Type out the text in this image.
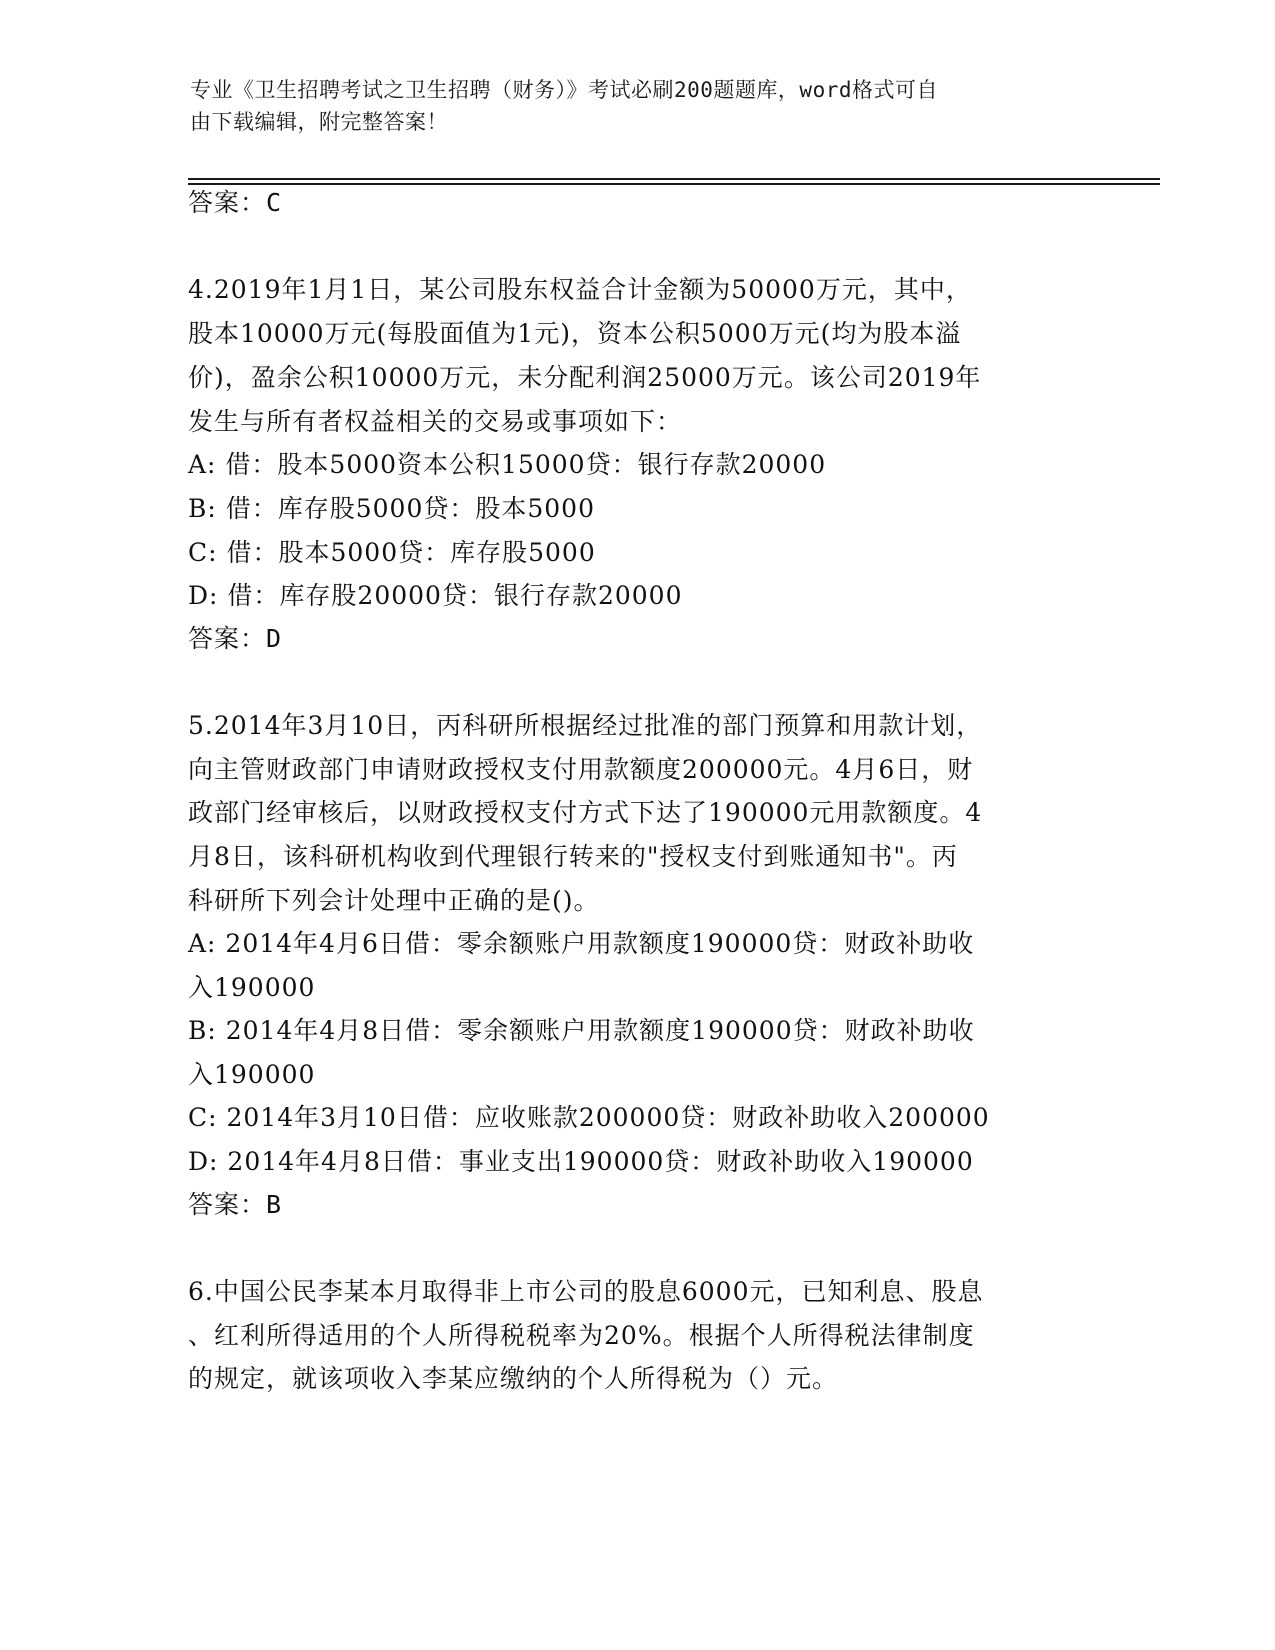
专业《卫生招聘考试之卫生招聘（财务）》考试必刷200题题库，word格式可自
由下载编辑，附完整答案！
答案：C
4.2019年1月1日，某公司股东权益合计金额为50000万元，其中，
股本10000万元(每股面值为1元)，资本公积5000万元(均为股本溢
价)，盈余公积10000万元，未分配利润25000万元。该公司2019年
发生与所有者权益相关的交易或事项如下：
A: 借：股本5000资本公积15000贷：银行存款20000
B: 借：库存股5000贷：股本5000
C: 借：股本5000贷：库存股5000
D: 借：库存股20000贷：银行存款20000
答案：D
5.2014年3月10日，丙科研所根据经过批准的部门预算和用款计划，
向主管财政部门申请财政授权支付用款额度200000元。4月6日，财
政部门经审核后，以财政授权支付方式下达了190000元用款额度。4
月8日，该科研机构收到代理银行转来的"授权支付到账通知书"。丙
科研所下列会计处理中正确的是()。
A: 2014年4月6日借：零余额账户用款额度190000贷：财政补助收
入190000
B: 2014年4月8日借：零余额账户用款额度190000贷：财政补助收
入190000
C: 2014年3月10日借：应收账款200000贷：财政补助收入200000
D: 2014年4月8日借：事业支出190000贷：财政补助收入190000
答案：B
6.中国公民李某本月取得非上市公司的股息6000元，已知利息、股息
、红利所得适用的个人所得税税率为20%。根据个人所得税法律制度
的规定，就该项收入李某应缴纳的个人所得税为（）元。
